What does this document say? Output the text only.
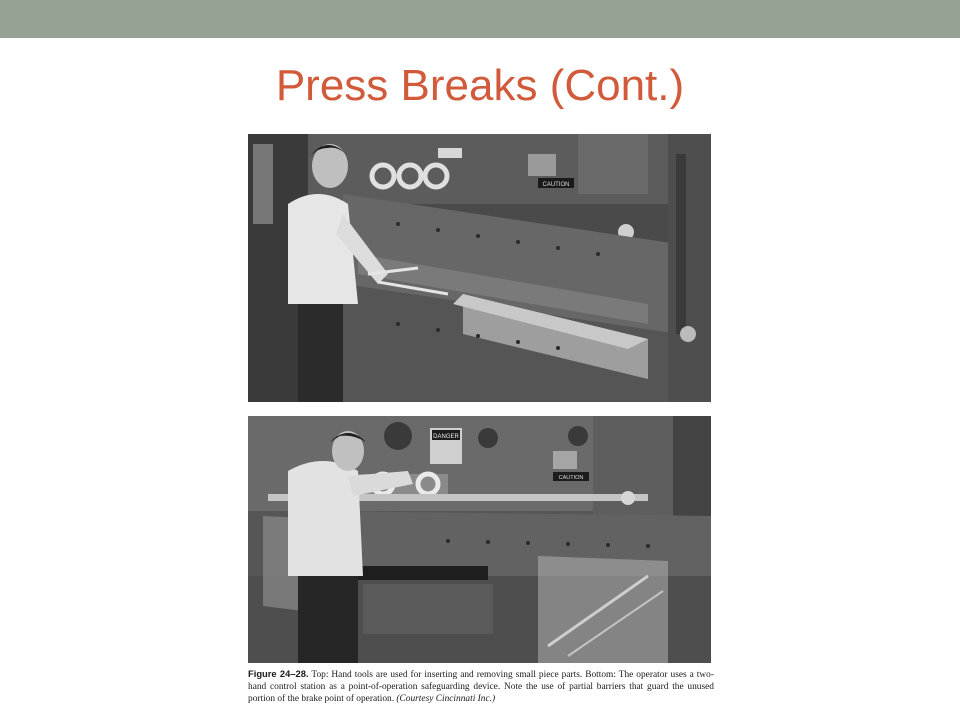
Press Breaks (Cont.)
CAUTION
DANGER
CAUTION
Figure 24–28. Top: Hand tools are used for inserting and removing small piece parts. Bottom: The operator uses a two-hand control station as a point-of-operation safeguarding device. Note the use of partial barriers that guard the unused portion of the brake point of operation. (Courtesy Cincinnati Inc.)
